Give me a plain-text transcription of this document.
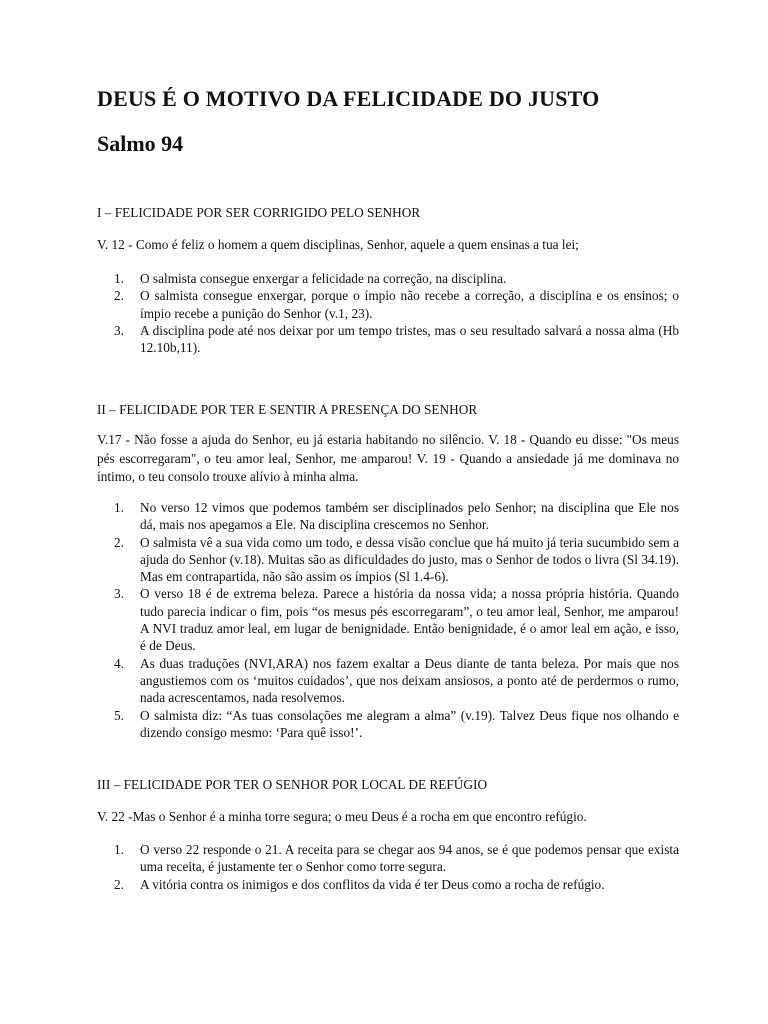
DEUS É O MOTIVO DA FELICIDADE DO JUSTO
Salmo 94
I – FELICIDADE POR SER CORRIGIDO PELO SENHOR

V. 12 - Como é feliz o homem a quem disciplinas, Senhor, aquele a quem ensinas a tua lei;

1. O salmista consegue enxergar a felicidade na correção, na disciplina.
2. O salmista consegue enxergar, porque o ímpio não recebe a correção, a disciplina e os ensinos; o ímpio recebe a punição do Senhor (v.1, 23).
3. A disciplina pode até nos deixar por um tempo tristes, mas o seu resultado salvará a nossa alma (Hb 12.10b,11).
II – FELICIDADE POR TER E SENTIR A PRESENÇA DO SENHOR

V.17 - Não fosse a ajuda do Senhor, eu já estaria habitando no silêncio. V. 18 - Quando eu disse: "Os meus pés escorregaram", o teu amor leal, Senhor, me amparou! V. 19 - Quando a ansiedade já me dominava no íntimo, o teu consolo trouxe alívio à minha alma.

1. No verso 12 vimos que podemos também ser disciplinados pelo Senhor; na disciplina que Ele nos dá, mais nos apegamos a Ele. Na disciplina crescemos no Senhor.
2. O salmista vê a sua vida como um todo, e dessa visão conclue que há muito já teria sucumbido sem a ajuda do Senhor (v.18). Muitas são as dificuldades do justo, mas o Senhor de todos o livra (Sl 34.19). Mas em contrapartida, não são assim os ímpios (Sl 1.4-6).
3. O verso 18 é de extrema beleza. Parece a história da nossa vida; a nossa própria história. Quando tudo parecia indicar o fim, pois “os mesus pés escorregaram”, o teu amor leal, Senhor, me amparou! A NVI traduz amor leal, em lugar de benignidade. Então benignidade, é o amor leal em ação, e isso, é de Deus.
4. As duas traduções (NVI,ARA) nos fazem exaltar a Deus diante de tanta beleza. Por mais que nos angustiemos com os ‘muitos cuidados’, que nos deixam ansiosos, a ponto até de perdermos o rumo, nada acrescentamos, nada resolvemos.
5. O salmista diz: “As tuas consolações me alegram a alma” (v.19). Talvez Deus fique nos olhando e dizendo consigo mesmo: ‘Para quê isso!’.
III – FELICIDADE POR TER O SENHOR POR LOCAL DE REFÚGIO

V. 22 -Mas o Senhor é a minha torre segura; o meu Deus é a rocha em que encontro refúgio.

1. O verso 22 responde o 21. A receita para se chegar aos 94 anos, se é que podemos pensar que exista uma receita, é justamente ter o Senhor como torre segura.
2. A vitória contra os inimigos e dos conflitos da vida é ter Deus como a rocha de refúgio.
